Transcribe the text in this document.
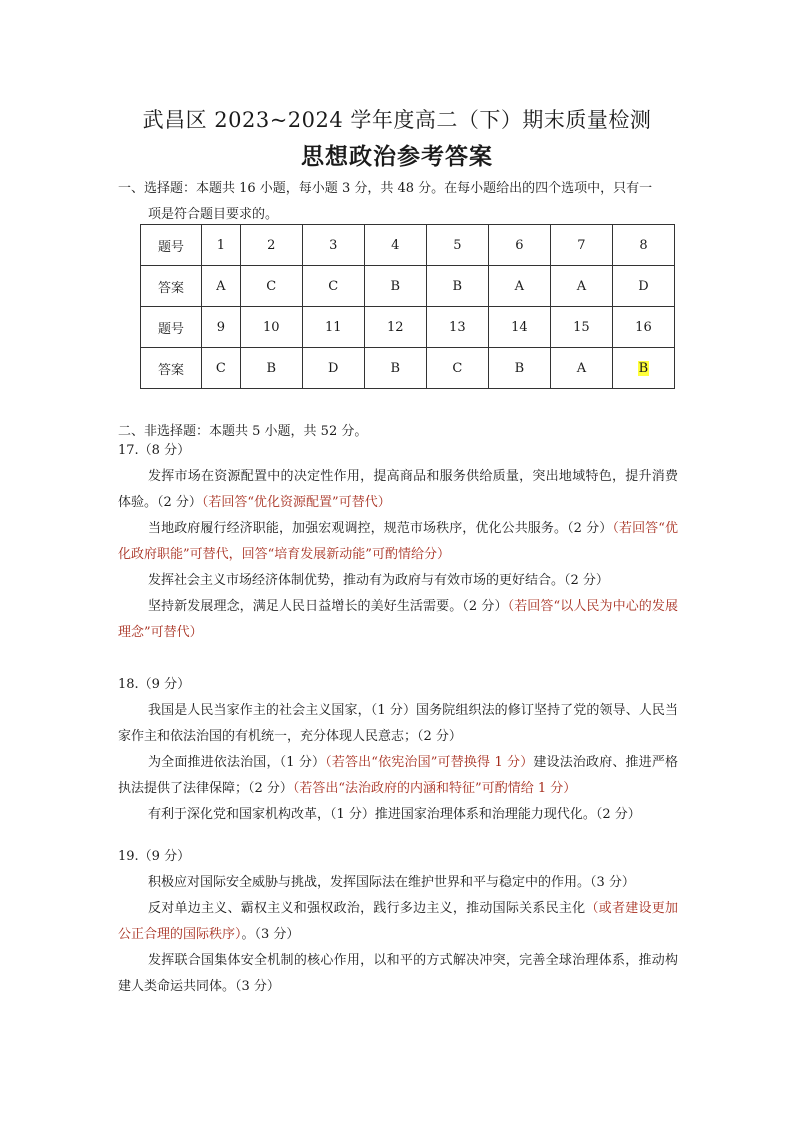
武昌区 2023~2024 学年度高二（下）期末质量检测
思想政治参考答案
一、选择题：本题共 16 小题，每小题 3 分，共 48 分。在每小题给出的四个选项中，只有一
项是符合题目要求的。
题号	1	2	3	4	5	6	7	8
答案	A	C	C	B	B	A	A	D
题号	9	10	11	12	13	14	15	16
答案	C	B	D	B	C	B	A	B
二、非选择题：本题共 5 小题，共 52 分。
17.（8 分）

发挥市场在资源配置中的决定性作用，提高商品和服务供给质量，突出地域特色，提升消费体验。（2 分）（若回答“优化资源配置”可替代）

当地政府履行经济职能，加强宏观调控，规范市场秩序，优化公共服务。（2 分）（若回答“优化政府职能”可替代，回答“培育发展新动能”可酌情给分）

发挥社会主义市场经济体制优势，推动有为政府与有效市场的更好结合。（2 分）

坚持新发展理念，满足人民日益增长的美好生活需要。（2 分）（若回答“以人民为中心的发展理念”可替代）

18.（9 分）

我国是人民当家作主的社会主义国家，（1 分）国务院组织法的修订坚持了党的领导、人民当家作主和依法治国的有机统一，充分体现人民意志；（2 分）

为全面推进依法治国，（1 分）（若答出“依宪治国”可替换得 1 分）建设法治政府、推进严格执法提供了法律保障；（2 分）（若答出“法治政府的内涵和特征”可酌情给 1 分）

有利于深化党和国家机构改革，（1 分）推进国家治理体系和治理能力现代化。（2 分）

19.（9 分）

积极应对国际安全威胁与挑战，发挥国际法在维护世界和平与稳定中的作用。（3 分）

反对单边主义、霸权主义和强权政治，践行多边主义，推动国际关系民主化（或者建设更加公正合理的国际秩序）。（3 分）

发挥联合国集体安全机制的核心作用，以和平的方式解决冲突，完善全球治理体系，推动构建人类命运共同体。（3 分）
